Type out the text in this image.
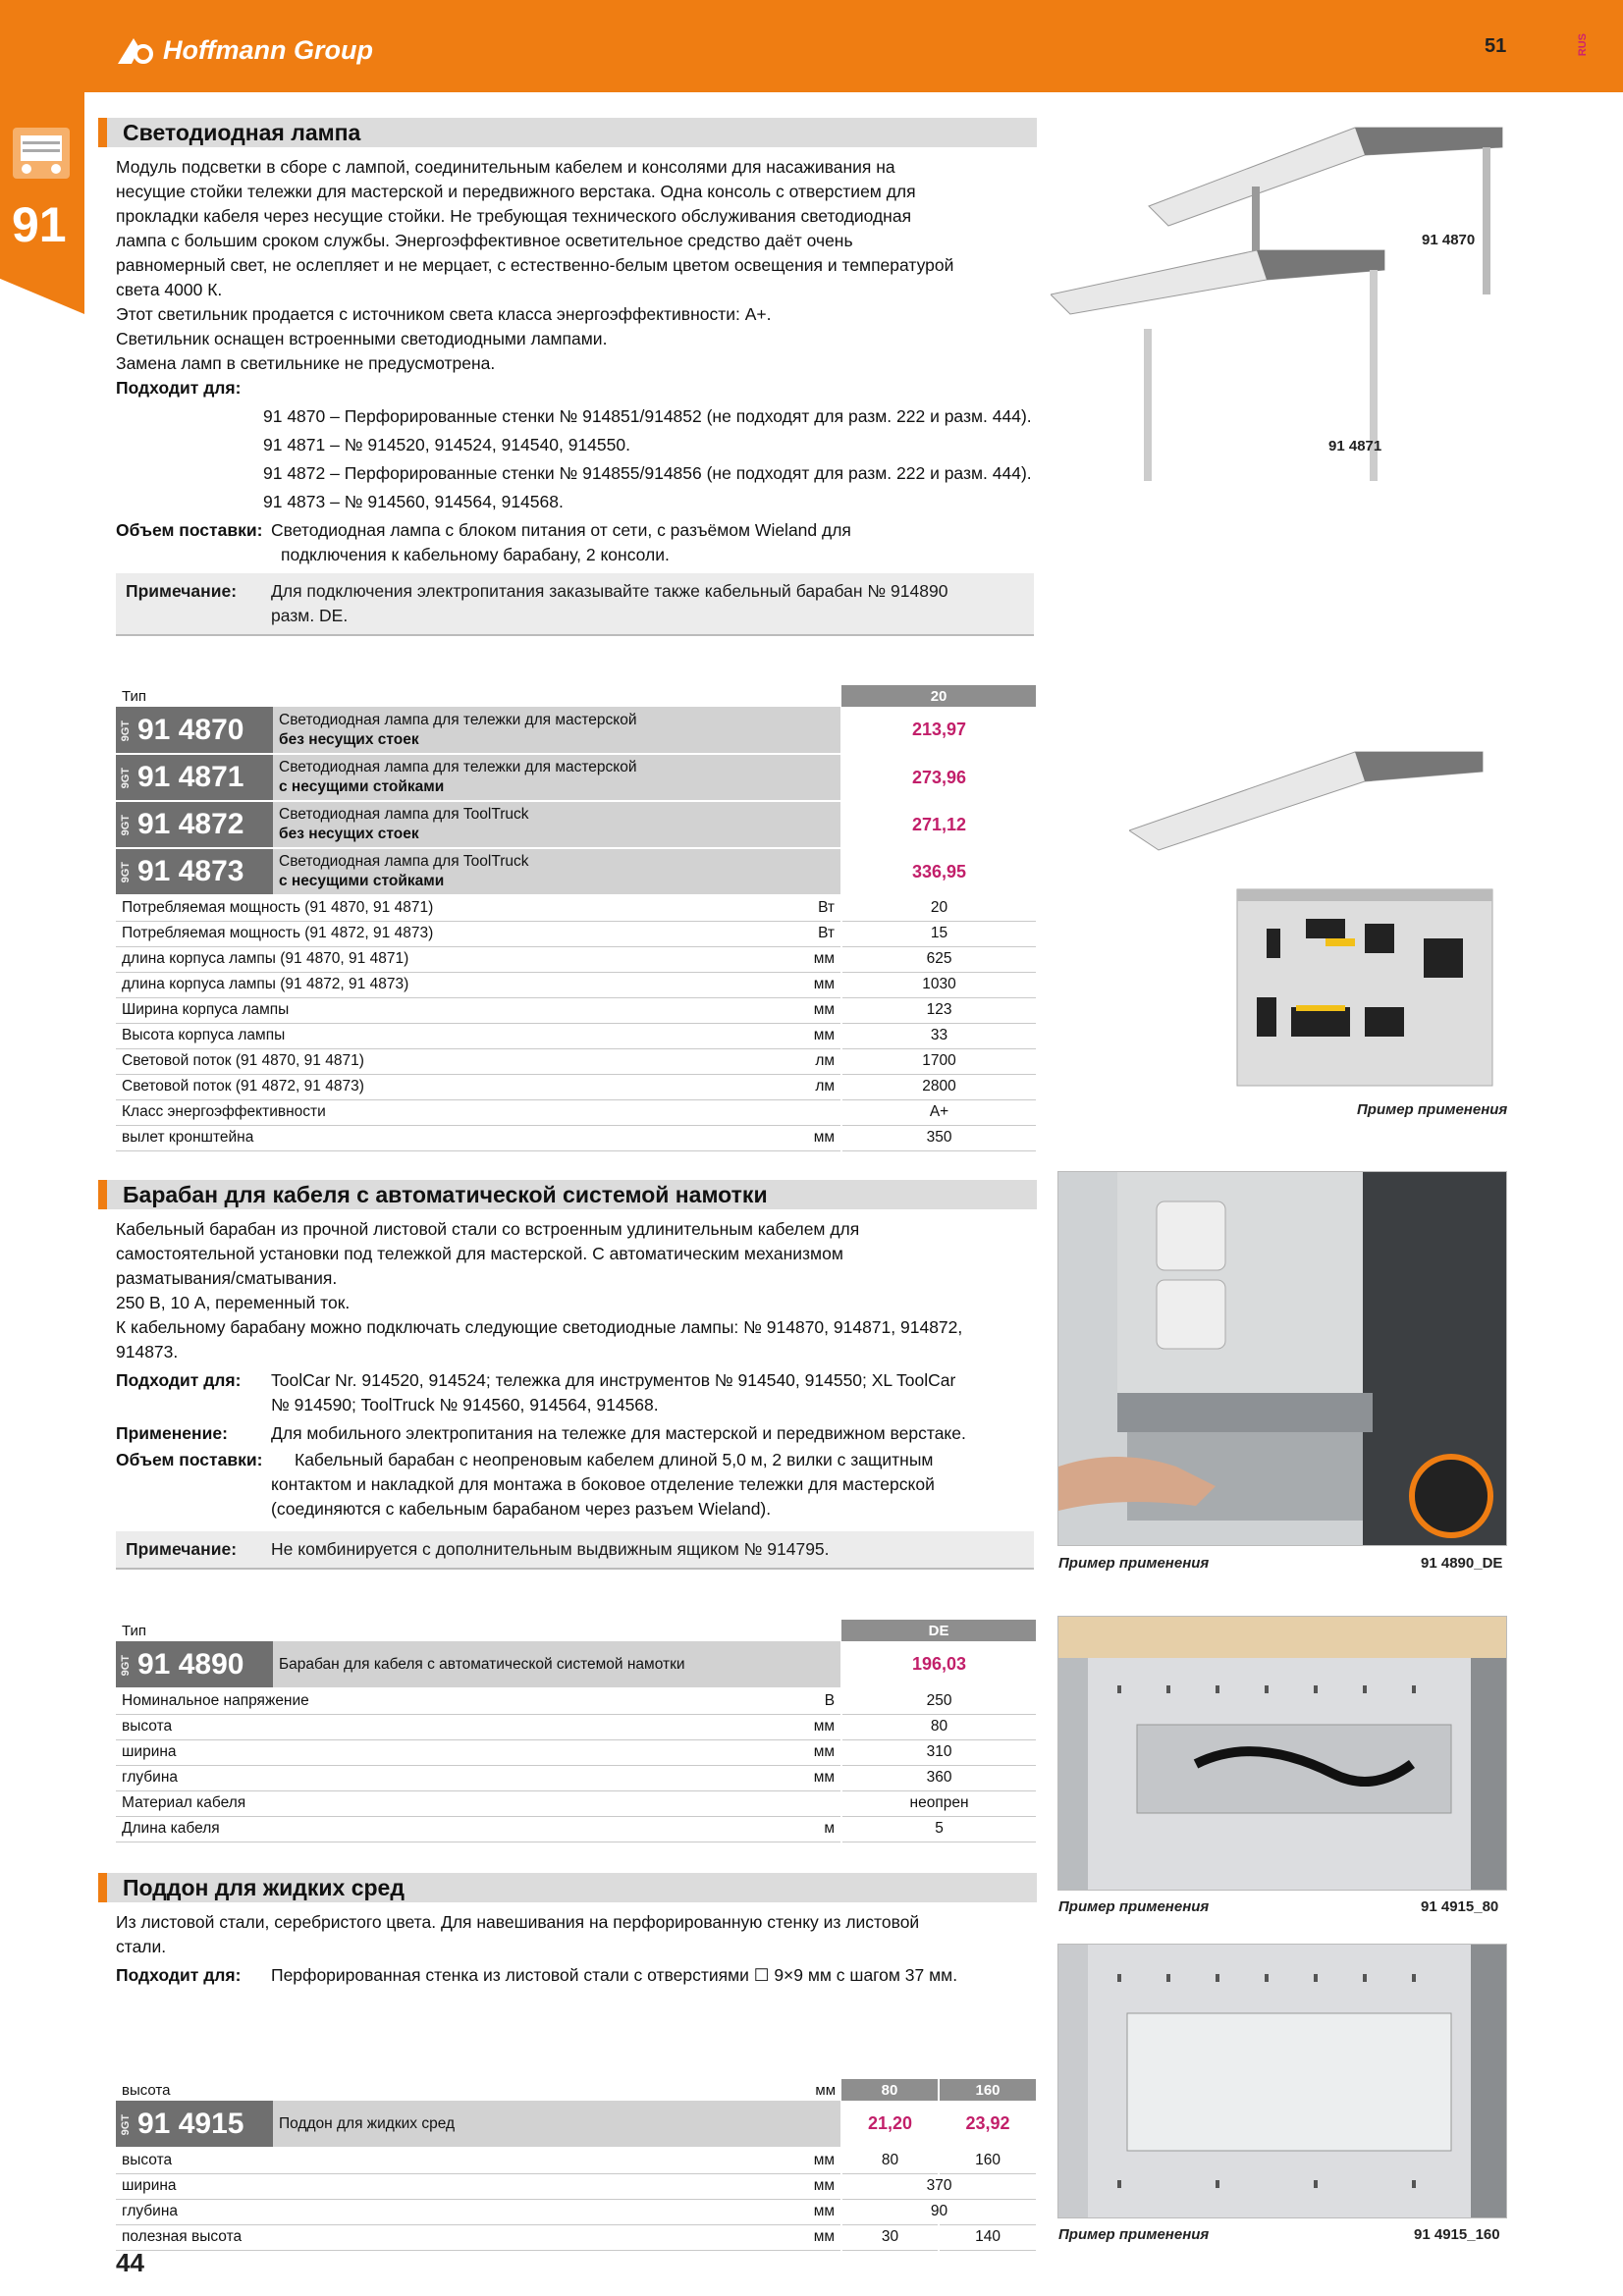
Hoffmann Group	51	RUS
91
Светодиодная лампа

Модуль подсветки в сборе с лампой, соединительным кабелем и консолями для насаживания на

несущие стойки тележки для мастерской и передвижного верстака. Одна консоль с отверстием для

прокладки кабеля через несущие стойки. Не требующая технического обслуживания светодиодная

лампа с большим сроком службы. Энергоэффективное осветительное средство даёт очень

равномерный свет, не ослепляет и не мерцает, с естественно-белым цветом освещения и температурой

света 4000 К.

Этот светильник продается с источником света класса энергоэффективности: A+.

Светильник оснащен встроенными светодиодными лампами.

Замена ламп в светильнике не предусмотрена.

Подходит для:

91 4870 – Перфорированные стенки № 914851/914852 (не подходят для разм. 222 и разм. 444).

91 4871 – № 914520, 914524, 914540, 914550.

91 4872 – Перфорированные стенки № 914855/914856 (не подходят для разм. 222 и разм. 444).

91 4873 – № 914560, 914564, 914568.

Объем поставки: Светодиодная лампа с блоком питания от сети, с разъёмом Wieland для

подключения к кабельному барабану, 2 консоли.

Примечание:	Для подключения электропитания заказывайте также кабельный барабан № 914890

разм. DE.

Тип			20
9GT 91 4870	Светодиодная лампа для тележки для мастерской
без несущих стоек		213,97
9GT 91 4871	Светодиодная лампа для тележки для мастерской
с несущими стойками		273,96
9GT 91 4872	Светодиодная лампа для ToolTruck
без несущих стоек		271,12
9GT 91 4873	Светодиодная лампа для ToolTruck
с несущими стойками		336,95
Потребляемая мощность (91 4870, 91 4871)		Вт	20
Потребляемая мощность (91 4872, 91 4873)		Вт	15
длина корпуса лампы (91 4870, 91 4871)		мм	625
длина корпуса лампы (91 4872, 91 4873)		мм	1030
Ширина корпуса лампы		мм	123
Высота корпуса лампы		мм	33
Световой поток (91 4870, 91 4871)		лм	1700
Световой поток (91 4872, 91 4873)		лм	2800
Класс энергоэффективности			A+
вылет кронштейна		мм	350
91 4870
91 4871
Пример применения
Барабан для кабеля с автоматической системой намотки

Кабельный барабан из прочной листовой стали со встроенным удлинительным кабелем для

самостоятельной установки под тележкой для мастерской. С автоматическим механизмом

разматывания/сматывания.

250 В, 10 А, переменный ток.

К кабельному барабану можно подключать следующие светодиодные лампы: № 914870, 914871, 914872,

914873.

Подходит для:	ToolCar Nr. 914520, 914524; тележка для инструментов № 914540, 914550; XL ToolCar

№ 914590; ToolTruck № 914560, 914564, 914568.

Применение:	Для мобильного электропитания на тележке для мастерской и передвижном верстаке.
Объем поставки:	Кабельный барабан с неопреновым кабелем длиной 5,0 м, 2 вилки с защитным

контактом и накладкой для монтажа в боковое отделение тележки для мастерской

(соединяются с кабельным барабаном через разъем Wieland).

Примечание:	Не комбинируется с дополнительным выдвижным ящиком № 914795.
Тип			DE
9GT 91 4890	Барабан для кабеля с автоматической системой намотки		196,03
Номинальное напряжение		В	250
высота		мм	80
ширина		мм	310
глубина		мм	360
Материал кабеля			неопрен
Длина кабеля		м	5
Пример применения	91 4890_DE
Поддон для жидких сред

Из листовой стали, серебристого цвета. Для навешивания на перфорированную стенку из листовой

стали.

Подходит для:	Перфорированная стенка из листовой стали с отверстиями ☐ 9×9 мм с шагом 37 мм.
высота		мм	80	160
9GT 91 4915	Поддон для жидких сред		21,20	23,92
высота		мм	80	160
ширина		мм	370	
глубина		мм	90	
полезная высота		мм	30	140
Пример применения	91 4915_80
Пример применения	91 4915_160
44
